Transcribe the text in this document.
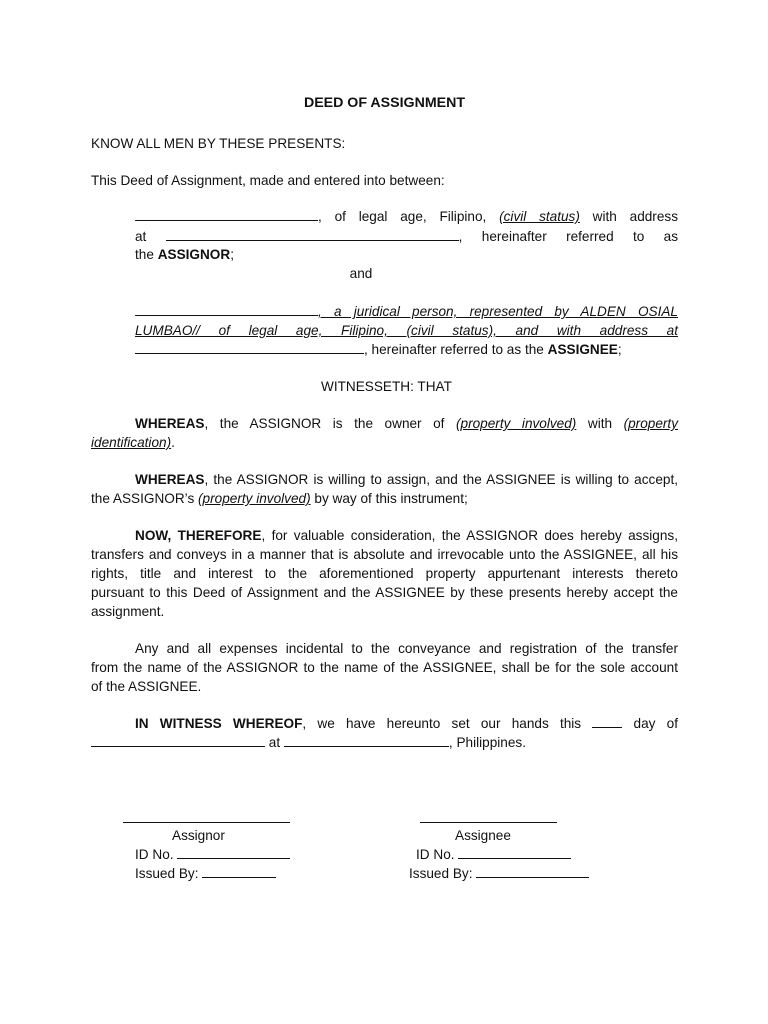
DEED OF ASSIGNMENT
KNOW ALL MEN BY THESE PRESENTS:
This Deed of Assignment, made and entered into between:
, of legal age, Filipino, (civil status) with address
at	, hereinafter referred to as
the ASSIGNOR;
and
, a juridical person, represented by ALDEN OSIAL
LUMBAO// of legal age, Filipino, (civil status), and with address at
, hereinafter referred to as the ASSIGNEE;
WITNESSETH: THAT
WHEREAS, the ASSIGNOR is the owner of (property involved) with (property
identification).
WHEREAS, the ASSIGNOR is willing to assign, and the ASSIGNEE is willing to accept,
the ASSIGNOR’s (property involved) by way of this instrument;
NOW, THEREFORE, for valuable consideration, the ASSIGNOR does hereby assigns,
transfers and conveys in a manner that is absolute and irrevocable unto the ASSIGNEE, all his
rights, title and interest to the aforementioned property appurtenant interests thereto
pursuant to this Deed of Assignment and the ASSIGNEE by these presents hereby accept the
assignment.
Any and all expenses incidental to the conveyance and registration of the transfer
from the name of the ASSIGNOR to the name of the ASSIGNEE, shall be for the sole account
of the ASSIGNEE.
IN WITNESS WHEREOF, we have hereunto set our hands this	day of
at	, Philippines.
Assignor
ID No.
Issued By:
Assignee
ID No.
Issued By:
